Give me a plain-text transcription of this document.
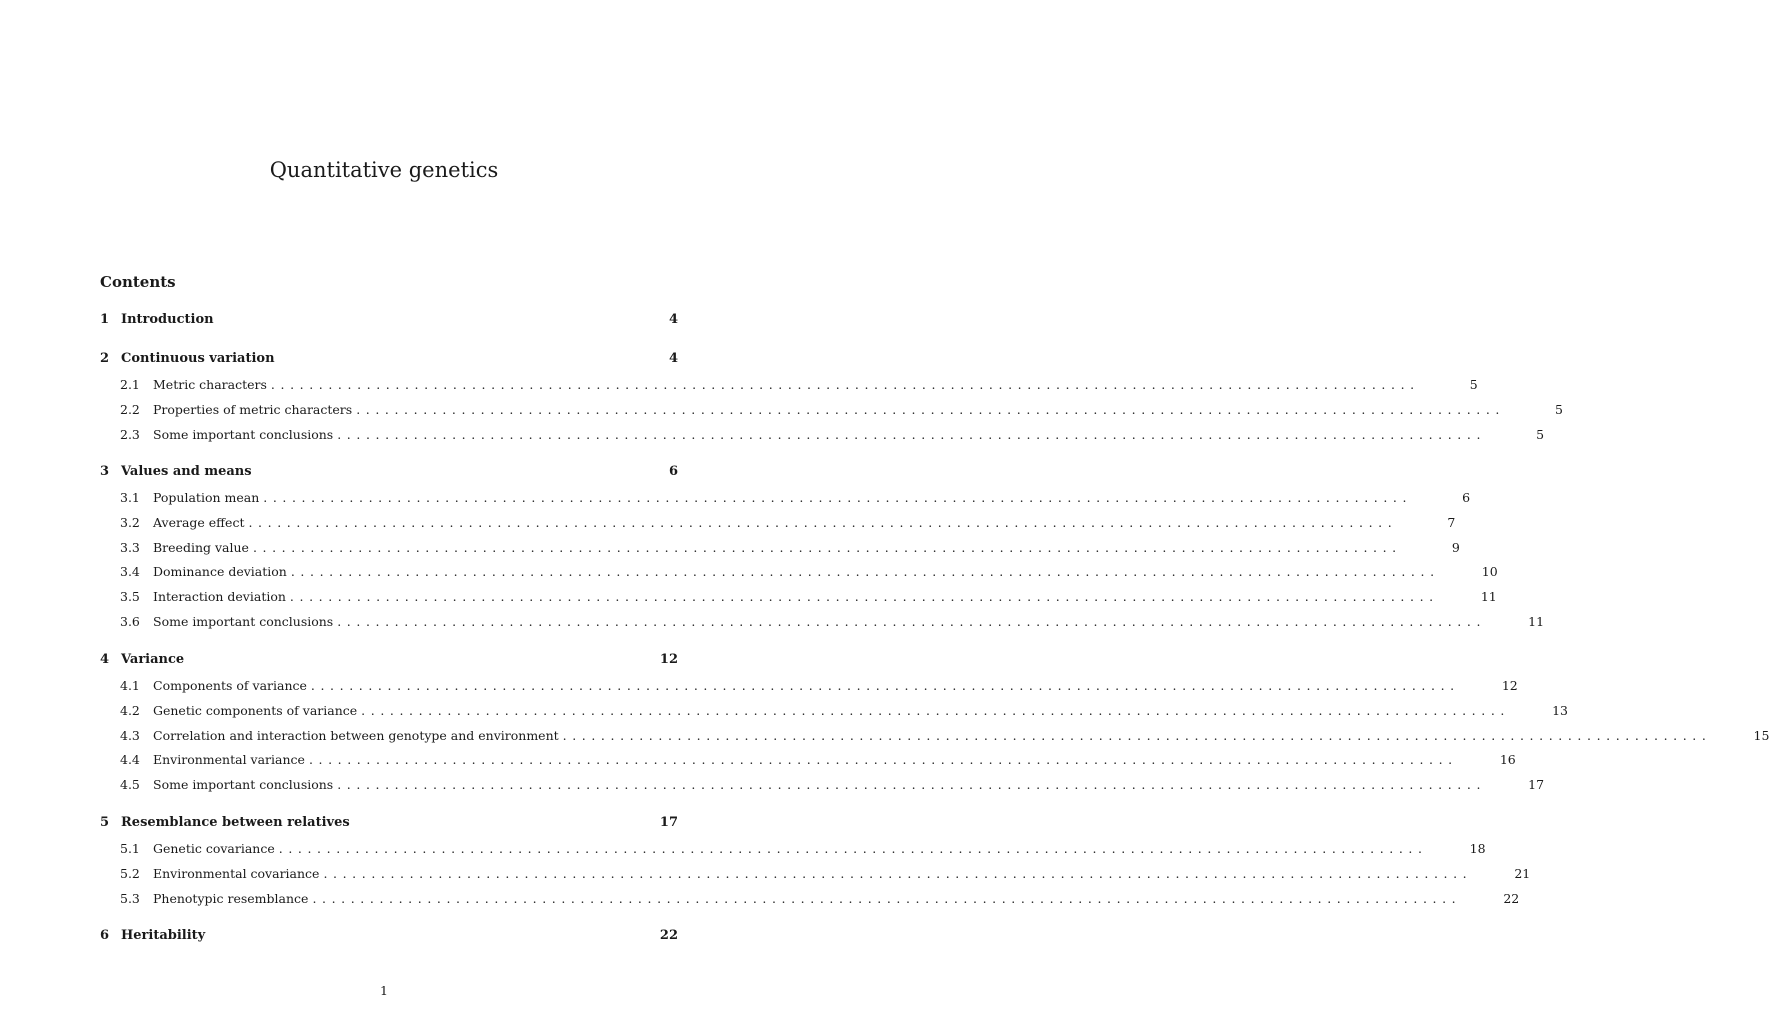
Quantitative genetics
Contents
1 Introduction	4
2 Continuous variation	4
2.1	Metric characters ........................................................................................................................	5
2.2	Properties of metric characters ........................................................................................................................	5
2.3	Some important conclusions ........................................................................................................................	5
3 Values and means	6
3.1	Population mean ........................................................................................................................	6
3.2	Average effect ........................................................................................................................	7
3.3	Breeding value ........................................................................................................................	9
3.4	Dominance deviation ........................................................................................................................	10
3.5	Interaction deviation ........................................................................................................................	11
3.6	Some important conclusions ........................................................................................................................	11
4 Variance	12
4.1	Components of variance ........................................................................................................................	12
4.2	Genetic components of variance ........................................................................................................................	13
4.3	Correlation and interaction between genotype and environment ........................................................................................................................	15
4.4	Environmental variance ........................................................................................................................	16
4.5	Some important conclusions ........................................................................................................................	17
5 Resemblance between relatives	17
5.1	Genetic covariance ........................................................................................................................	18
5.2	Environmental covariance ........................................................................................................................	21
5.3	Phenotypic resemblance ........................................................................................................................	22
6 Heritability	22
1
